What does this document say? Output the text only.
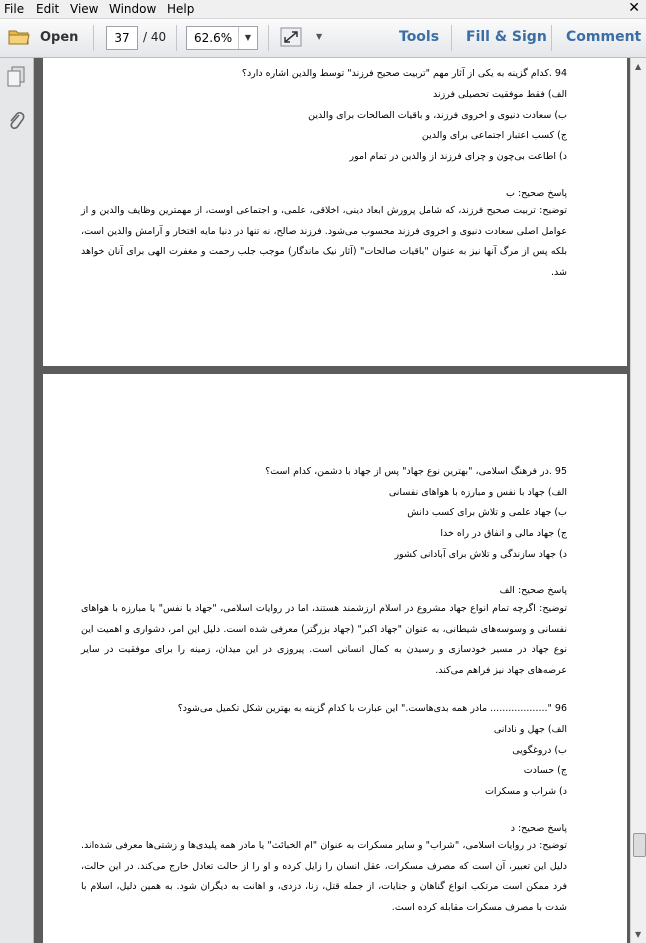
File Edit View Window Help	✕
Open	37	/ 40 62.6%	▼	▼	Tools Fill & Sign Comment
94 .کدام گزینه به یکی از آثار مهم "تربیت صحیح فرزند" توسط والدین اشاره دارد؟
الف) فقط موفقیت تحصیلی فرزند
ب) سعادت دنیوی و اخروی فرزند، و باقیات الصالحات برای والدین
ج) کسب اعتبار اجتماعی برای والدین
د) اطاعت بی‌چون و چرای فرزند از والدین در تمام امور
پاسخ صحیح: ب
توضیح: تربیت صحیح فرزند، که شامل پرورش ابعاد دینی، اخلاقی، علمی، و اجتماعی اوست، از مهمترین وظایف والدین و از عوامل اصلی سعادت دنیوی و اخروی فرزند محسوب می‌شود. فرزند صالح، نه تنها در دنیا مایه افتخار و آرامش والدین است، بلکه پس از مرگ آنها نیز به عنوان "باقیات صالحات" (آثار نیک ماندگار) موجب جلب رحمت و مغفرت الهی برای آنان خواهد شد.
95 .در فرهنگ اسلامی، "بهترین نوع جهاد" پس از جهاد با دشمن، کدام است؟
الف) جهاد با نفس و مبارزه با هواهای نفسانی
ب) جهاد علمی و تلاش برای کسب دانش
ج) جهاد مالی و انفاق در راه خدا
د) جهاد سازندگی و تلاش برای آبادانی کشور
پاسخ صحیح: الف
توضیح: اگرچه تمام انواع جهاد مشروع در اسلام ارزشمند هستند، اما در روایات اسلامی، "جهاد با نفس" یا مبارزه با هواهای نفسانی و وسوسه‌های شیطانی، به عنوان "جهاد اکبر" (جهاد بزرگتر) معرفی شده است. دلیل این امر، دشواری و اهمیت این نوع جهاد در مسیر خودسازی و رسیدن به کمال انسانی است. پیروزی در این میدان، زمینه را برای موفقیت در سایر عرصه‌های جهاد نیز فراهم می‌کند.
96 "................... مادر همه بدی‌هاست." این عبارت با کدام گزینه به بهترین شکل تکمیل می‌شود؟
الف) جهل و نادانی
ب) دروغگویی
ج) حسادت
د) شراب و مسکرات
پاسخ صحیح: د
توضیح: در روایات اسلامی، "شراب" و سایر مسکرات به عنوان "ام الخبائث" یا مادر همه پلیدی‌ها و زشتی‌ها معرفی شده‌اند. دلیل این تعبیر، آن است که مصرف مسکرات، عقل انسان را زایل کرده و او را از حالت تعادل خارج می‌کند. در این حالت، فرد ممکن است مرتکب انواع گناهان و جنایات، از جمله قتل، زنا، دزدی، و اهانت به دیگران شود. به همین دلیل، اسلام با شدت با مصرف مسکرات مقابله کرده است.
▲
▼
